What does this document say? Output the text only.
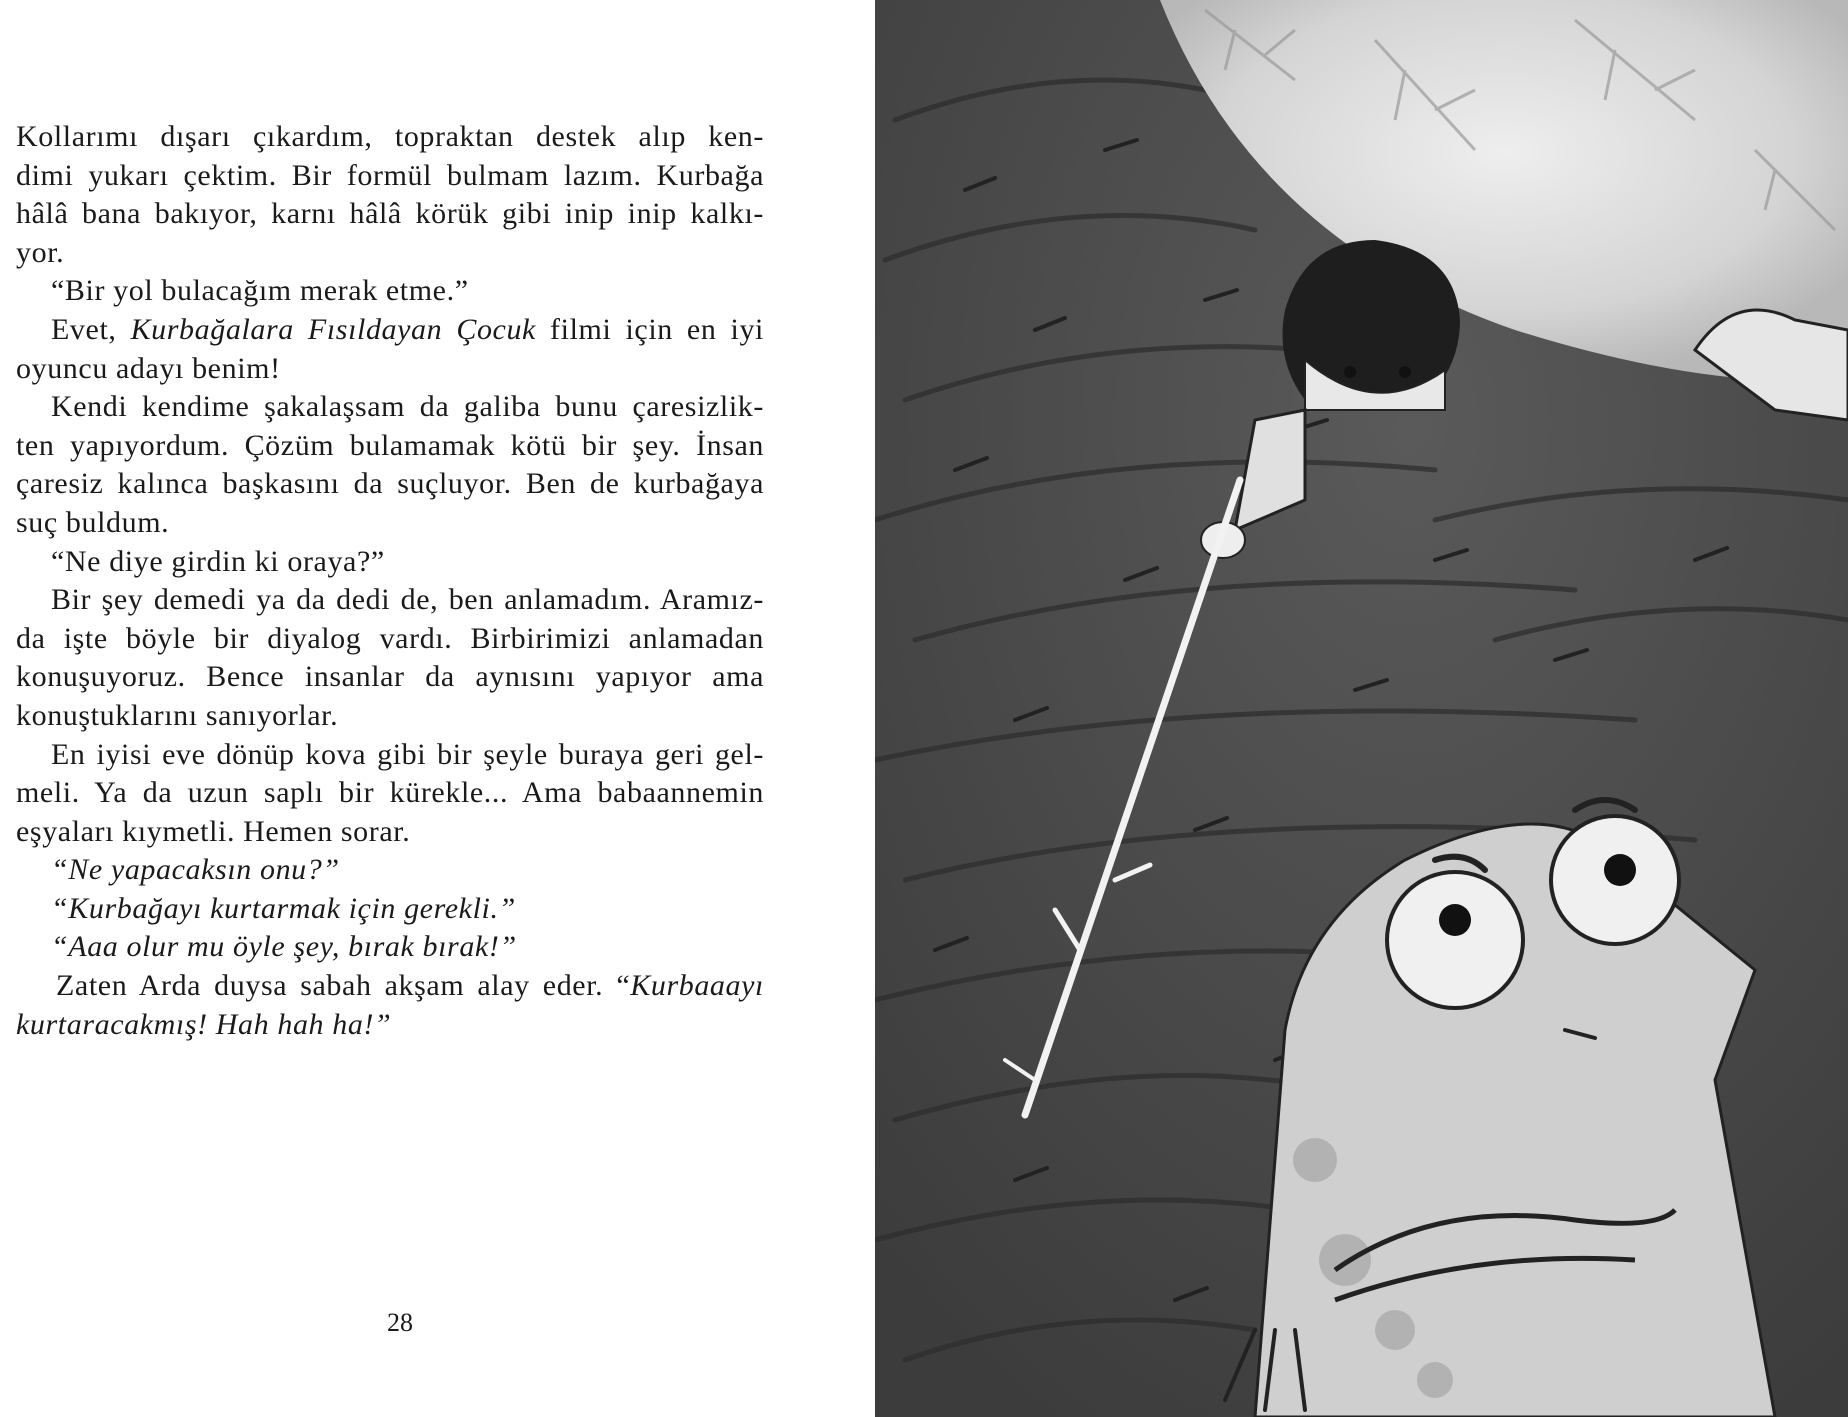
Kollarımı dışarı çıkardım, topraktan destek alıp ken-
dimi yukarı çektim. Bir formül bulmam lazım. Kurbağa
hâlâ bana bakıyor, karnı hâlâ körük gibi inip inip kalkı-
yor.
“Bir yol bulacağım merak etme.”
Evet, Kurbağalara Fısıldayan Çocuk filmi için en iyi
oyuncu adayı benim!
Kendi kendime şakalaşsam da galiba bunu çaresizlik-
ten yapıyordum. Çözüm bulamamak kötü bir şey. İnsan
çaresiz kalınca başkasını da suçluyor. Ben de kurbağaya
suç buldum.
“Ne diye girdin ki oraya?”
Bir şey demedi ya da dedi de, ben anlamadım. Aramız-
da işte böyle bir diyalog vardı. Birbirimizi anlamadan
konuşuyoruz. Bence insanlar da aynısını yapıyor ama
konuştuklarını sanıyorlar.
En iyisi eve dönüp kova gibi bir şeyle buraya geri gel-
meli. Ya da uzun saplı bir kürekle... Ama babaannemin
eşyaları kıymetli. Hemen sorar.
“Ne yapacaksın onu?”
“Kurbağayı kurtarmak için gerekli.”
“Aaa olur mu öyle şey, bırak bırak!”
Zaten Arda duysa sabah akşam alay eder. “Kurbaaayı
kurtaracakmış! Hah hah ha!”
28
